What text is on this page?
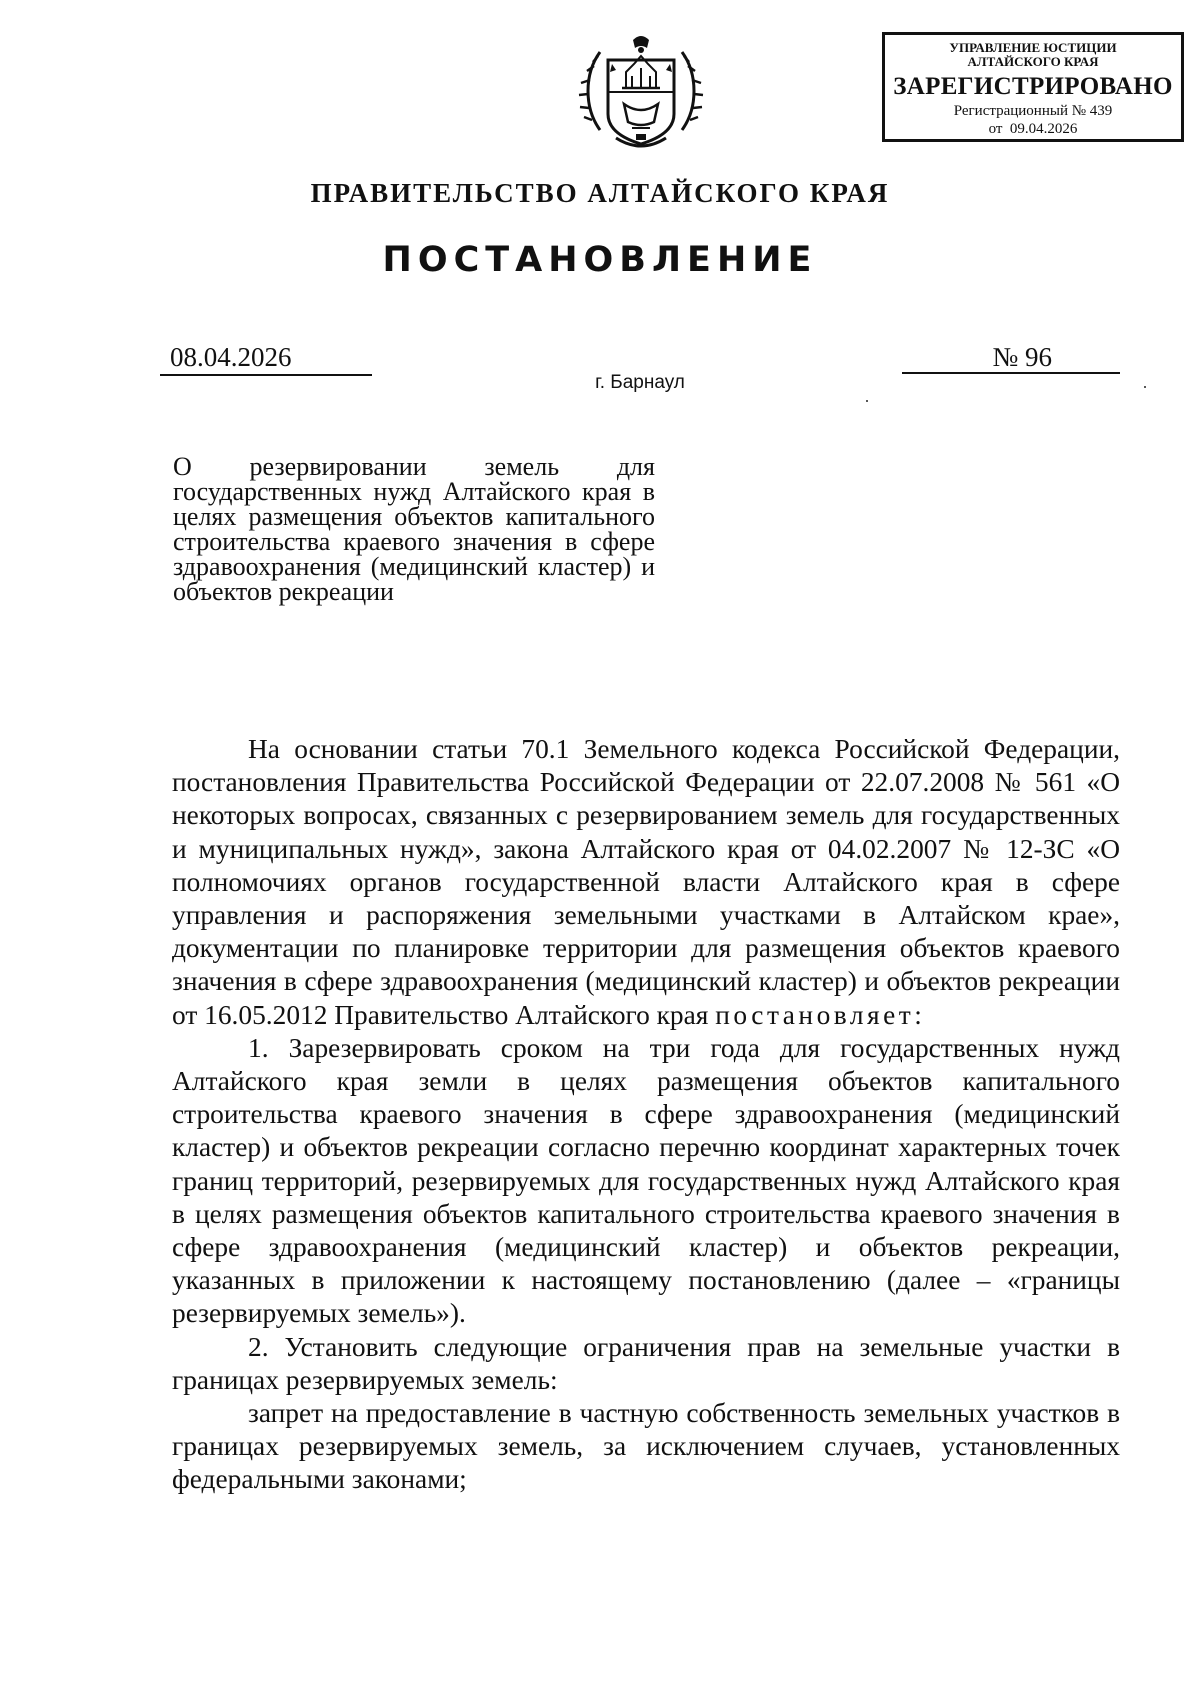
УПРАВЛЕНИЕ ЮСТИЦИИ
АЛТАЙСКОГО КРАЯ
ЗАРЕГИСТРИРОВАНО
Регистрационный № 439
от  09.04.2026
ПРАВИТЕЛЬСТВО АЛТАЙСКОГО КРАЯ
ПОСТАНОВЛЕНИЕ
08.04.2026	№ 96
г. Барнаул
О резервировании земель для государственных нужд Алтайского края в целях размещения объектов капитального строительства краевого значения в сфере здравоохранения (медицинский кластер) и объектов рекреации

На основании статьи 70.1 Земельного кодекса Российской Федерации, постановления Правительства Российской Федерации от 22.07.2008 № 561 «О некоторых вопросах, связанных с резервированием земель для государственных и муниципальных нужд», закона Алтайского края от 04.02.2007 № 12-ЗС «О полномочиях органов государственной власти Алтайского края в сфере управления и распоряжения земельными участками в Алтайском крае», документации по планировке территории для размещения объектов краевого значения в сфере здравоохранения (медицинский кластер) и объектов рекреации от 16.05.2012 Правительство Алтайского края постановляет:

1. Зарезервировать сроком на три года для государственных нужд Алтайского края земли в целях размещения объектов капитального строительства краевого значения в сфере здравоохранения (медицинский кластер) и объектов рекреации согласно перечню координат характерных точек границ территорий, резервируемых для государственных нужд Алтайского края в целях размещения объектов капитального строительства краевого значения в сфере здравоохранения (медицинский кластер) и объектов рекреации, указанных в приложении к настоящему постановлению (далее – «границы резервируемых земель»).

2. Установить следующие ограничения прав на земельные участки в границах резервируемых земель:

запрет на предоставление в частную собственность земельных участков в границах резервируемых земель, за исключением случаев, установленных федеральными законами;
